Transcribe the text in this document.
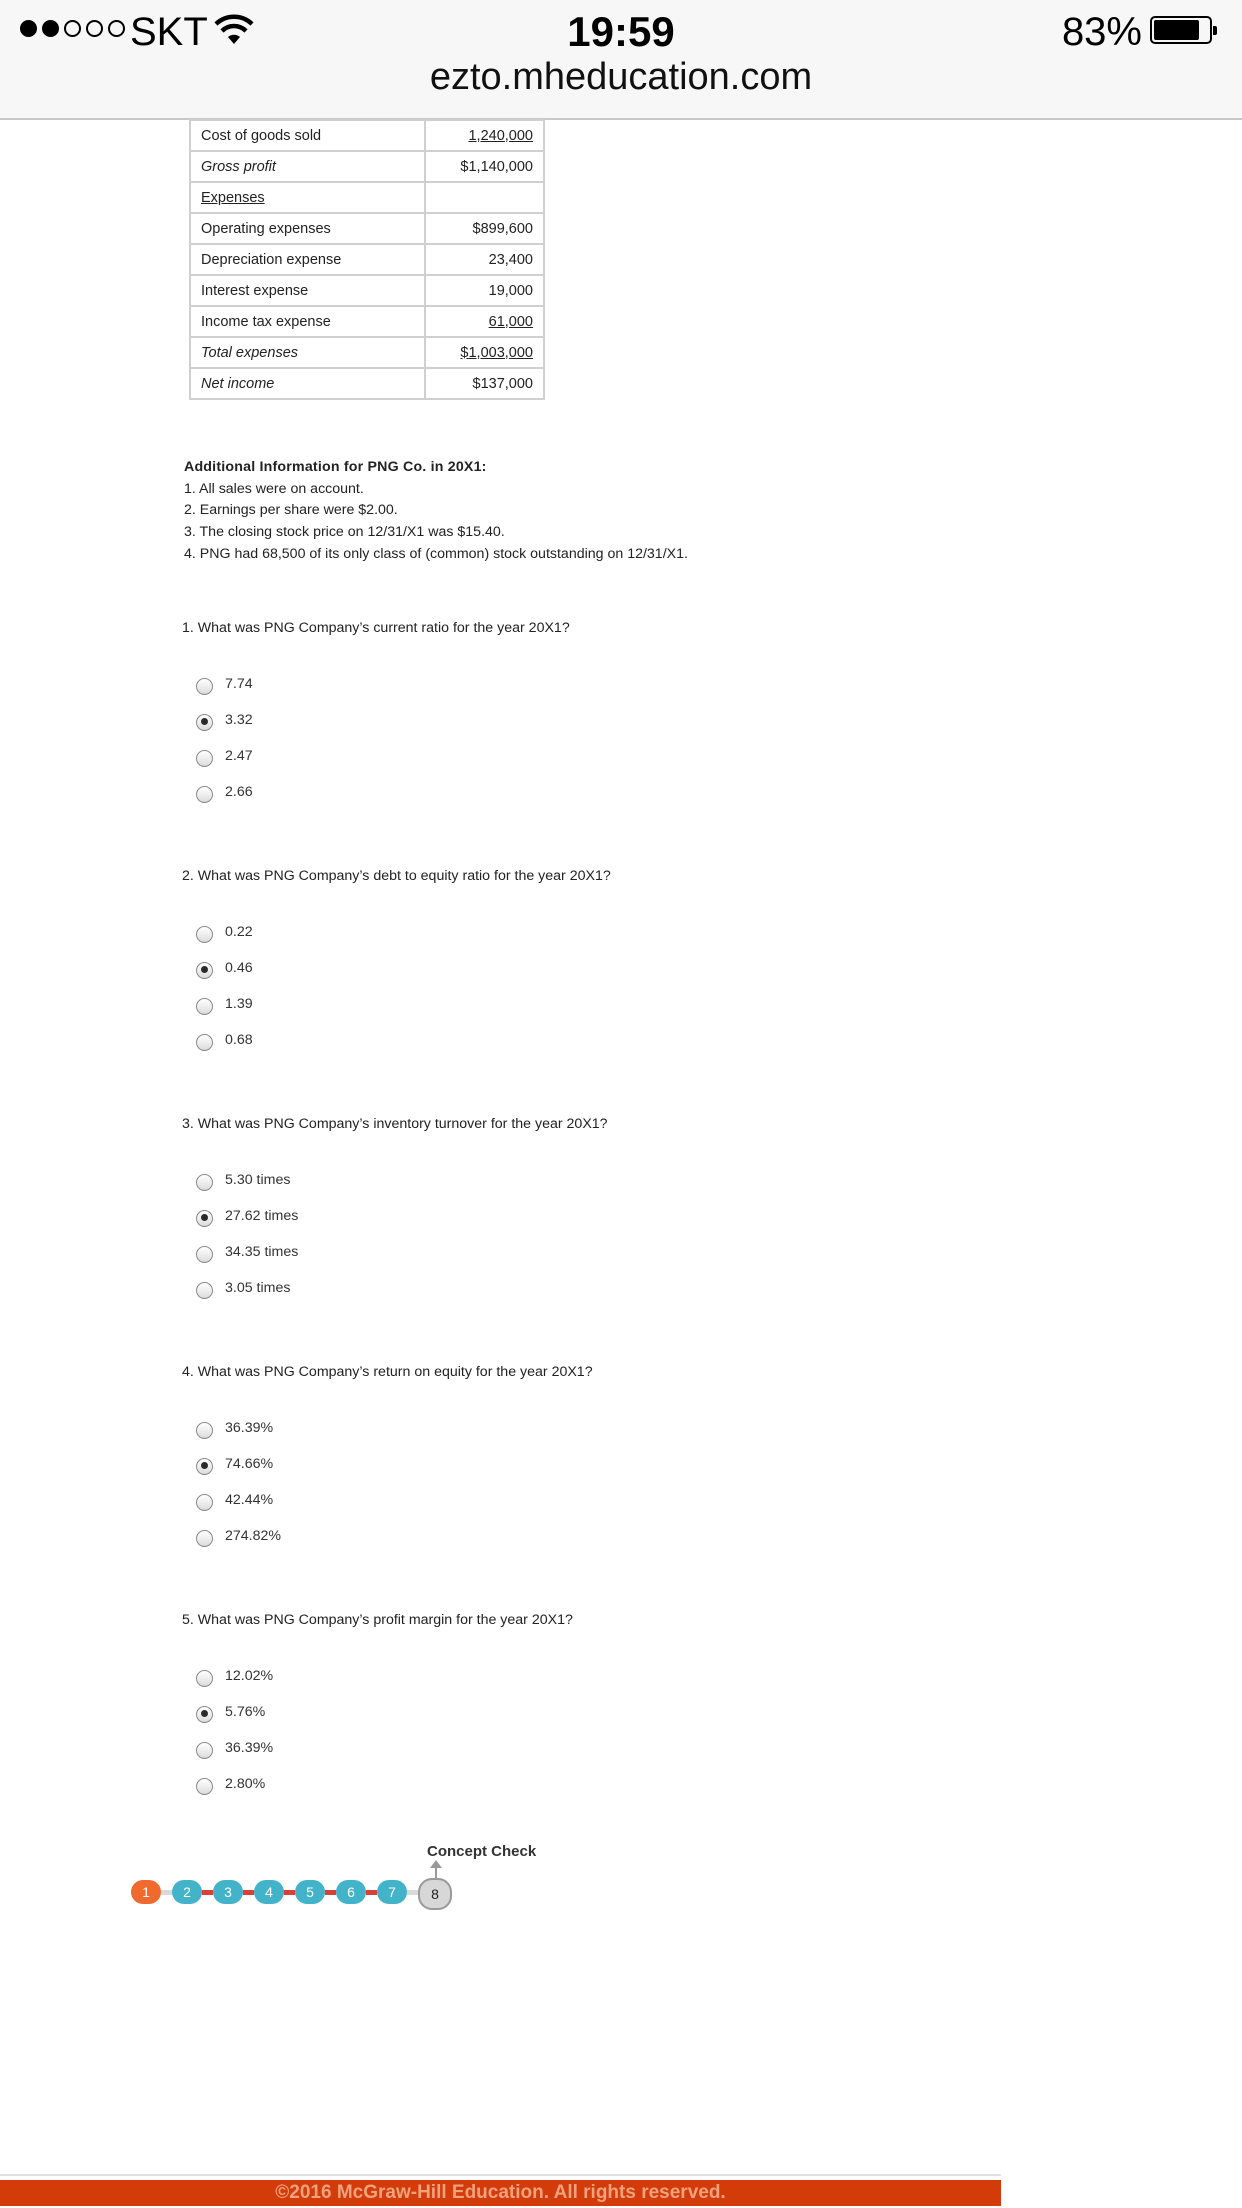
SKT	19:59	83%
ezto.mheducation.com

Cost of goods sold	1,240,000
Gross profit	$1,140,000
Expenses	
Operating expenses	$899,600
Depreciation expense	23,400
Interest expense	19,000
Income tax expense	61,000
Total expenses	$1,003,000
Net income	$137,000
Additional Information for PNG Co. in 20X1:
1. All sales were on account.
2. Earnings per share were $2.00.
3. The closing stock price on 12/31/X1 was $15.40.
4. PNG had 68,500 of its only class of (common) stock outstanding on 12/31/X1.
1. What was PNG Company’s current ratio for the year 20X1?
7.74
3.32
2.47
2.66
2. What was PNG Company’s debt to equity ratio for the year 20X1?
0.22
0.46
1.39
0.68
3. What was PNG Company’s inventory turnover for the year 20X1?
5.30 times
27.62 times
34.35 times
3.05 times
4. What was PNG Company’s return on equity for the year 20X1?
36.39%
74.66%
42.44%
274.82%
5. What was PNG Company’s profit margin for the year 20X1?
12.02%
5.76%
36.39%
2.80%
Concept Check
1	2	3	4	5	6	7	8
©2016 McGraw-Hill Education. All rights reserved.
